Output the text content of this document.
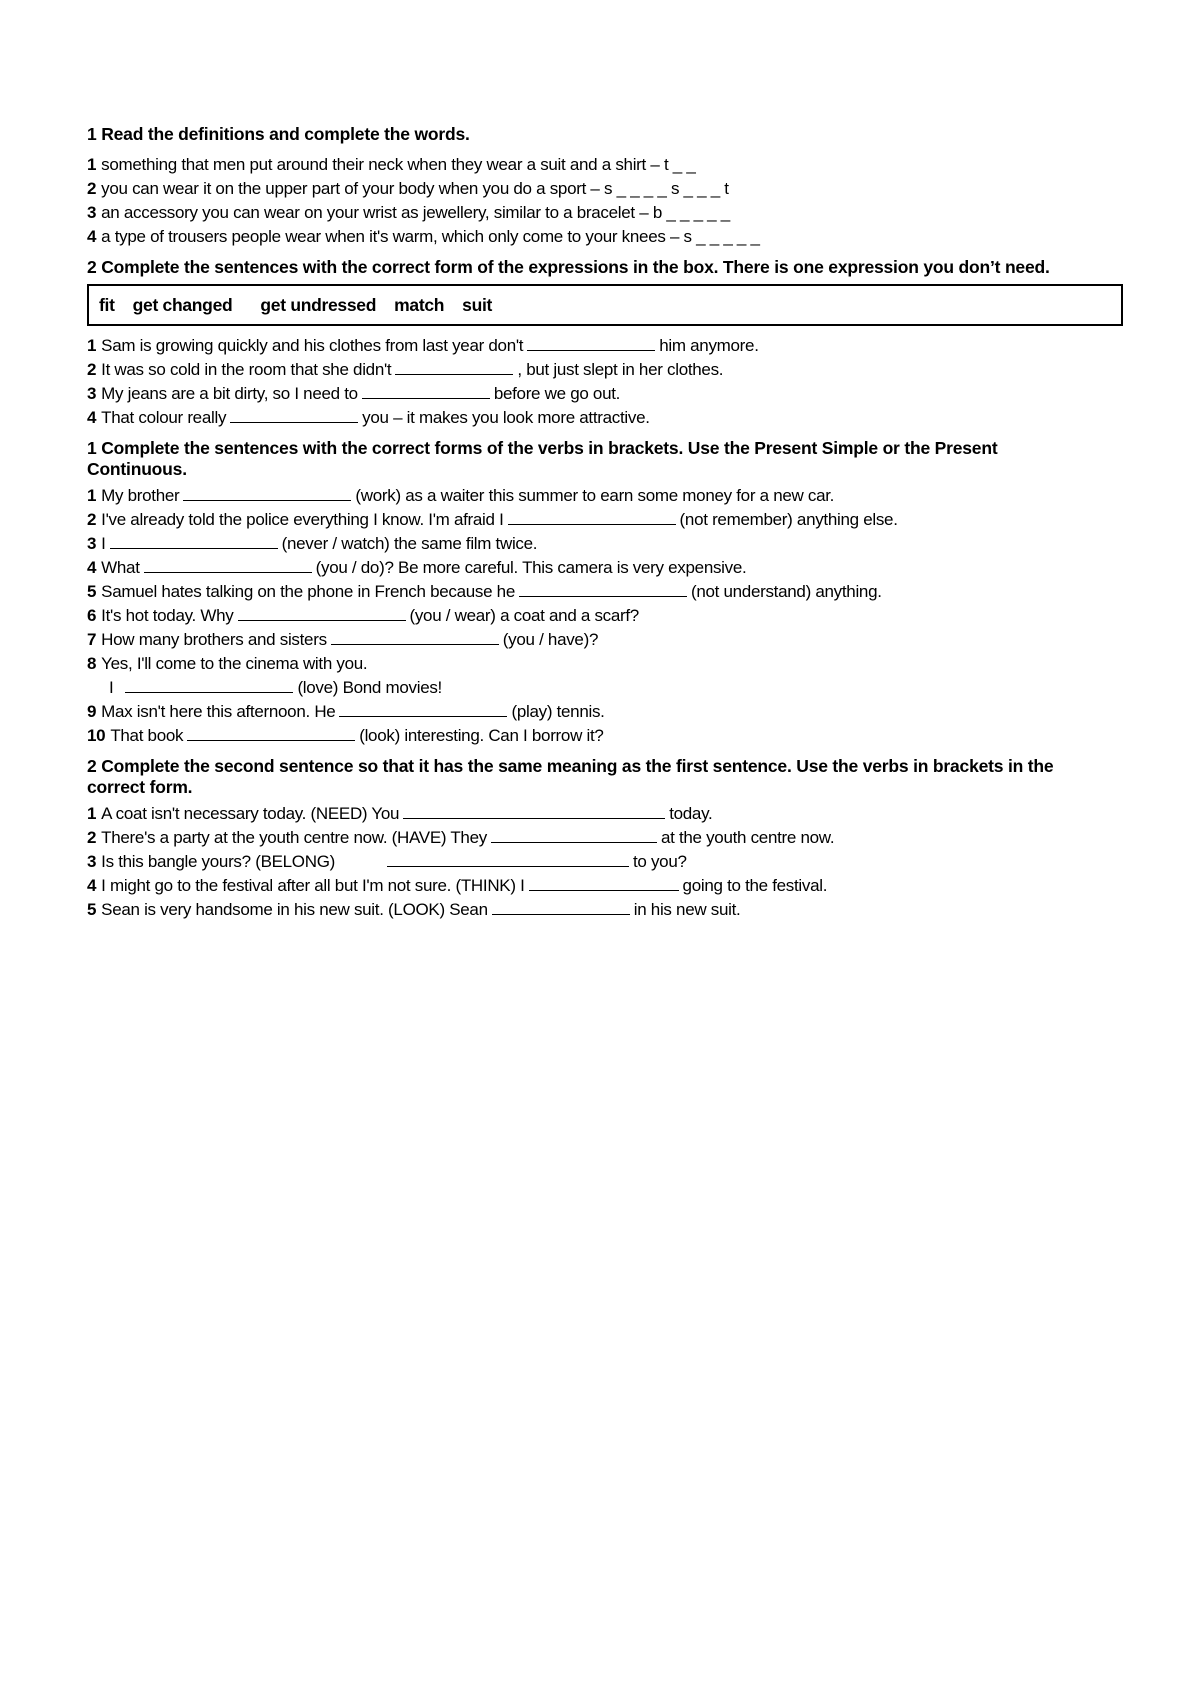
1 Read the definitions and complete the words.
1 something that men put around their neck when they wear a suit and a shirt – t _ _
2 you can wear it on the upper part of your body when you do a sport – s _ _ _ _ s _ _ _ t
3 an accessory you can wear on your wrist as jewellery, similar to a bracelet – b _ _ _ _ _
4 a type of trousers people wear when it's warm, which only come to your knees – s _ _ _ _ _
2 Complete the sentences with the correct form of the expressions in the box. There is one expression you don’t need.
fit get changed get undressed match suit
1 Sam is growing quickly and his clothes from last year don't	him anymore.
2 It was so cold in the room that she didn't	, but just slept in her clothes.
3 My jeans are a bit dirty, so I need to	before we go out.
4 That colour really	you – it makes you look more attractive.
1 Complete the sentences with the correct forms of the verbs in brackets. Use the Present Simple or the Present
Continuous.
1 My brother	(work) as a waiter this summer to earn some money for a new car.
2 I've already told the police everything I know. I'm afraid I	(not remember) anything else.
3 I	(never / watch) the same film twice.
4 What	(you / do)? Be more careful. This camera is very expensive.
5 Samuel hates talking on the phone in French because he	(not understand) anything.
6 It's hot today. Why	(you / wear) a coat and a scarf?
7 How many brothers and sisters	(you / have)?
8 Yes, I'll come to the cinema with you.
I	(love) Bond movies!
9 Max isn't here this afternoon. He	(play) tennis.
10 That book	(look) interesting. Can I borrow it?
2 Complete the second sentence so that it has the same meaning as the first sentence. Use the verbs in brackets in the
correct form.
1 A coat isn't necessary today. (NEED) You	today.
2 There's a party at the youth centre now. (HAVE) They	at the youth centre now.
3 Is this bangle yours? (BELONG)	to you?
4 I might go to the festival after all but I'm not sure. (THINK) I	going to the festival.
5 Sean is very handsome in his new suit. (LOOK) Sean	in his new suit.
